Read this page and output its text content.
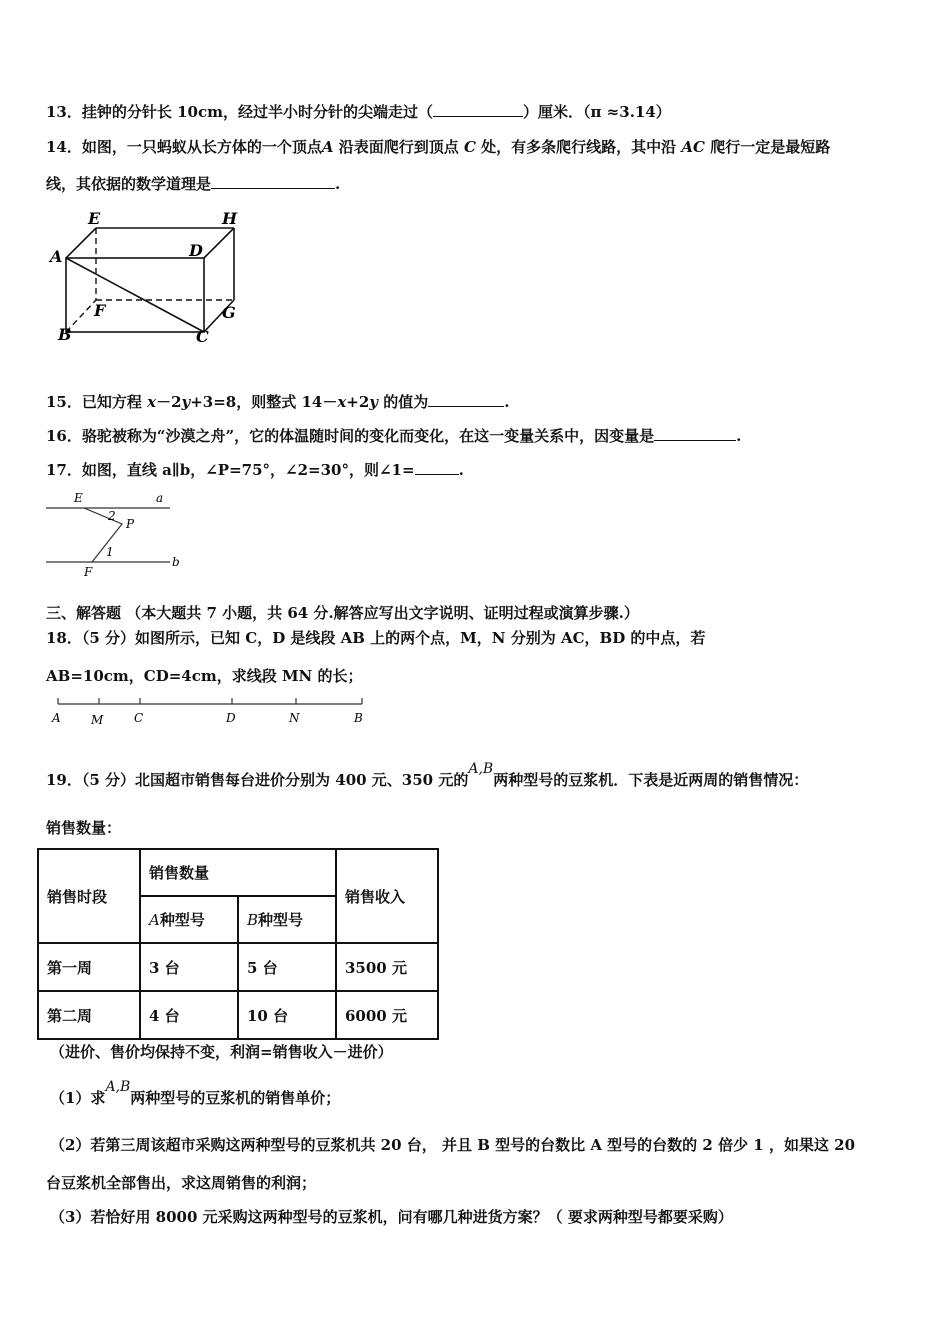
13．挂钟的分针长 10cm，经过半小时分针的尖端走过（	）厘米．（π ≈3.14）
14．如图，一只蚂蚁从长方体的一个顶点A 沿表面爬行到顶点 C 处，有多条爬行线路，其中沿 AC 爬行一定是最短路
线，其依据的数学道理是	.
E	H
A	D
F	G
B	C
15．已知方程 x－2y+3=8，则整式 14－x+2y 的值为	.
16．骆驼被称为“沙漠之舟”，它的体温随时间的变化而变化，在这一变量关系中，因变量是	.
17．如图，直线 a∥b，∠P=75°，∠2=30°，则∠1=	.
E	a
2
P
1
b
F
三、解答题 （本大题共 7 小题，共 64 分.解答应写出文字说明、证明过程或演算步骤.）
18．（5 分）如图所示，已知 C，D 是线段 AB 上的两个点，M，N 分别为 AC，BD 的中点，若
AB=10cm，CD=4cm，求线段 MN 的长；
A	M	C	D	N	B
19．（5 分）北国超市销售每台进价分别为 400 元、350 元的A,B两种型号的豆浆机．下表是近两周的销售情况：
销售数量：
销售时段	销售数量		销售收入
	A种型号	B种型号	
第一周	3 台	5 台	3500 元
第二周	4 台	10 台	6000 元
（进价、售价均保持不变，利润=销售收入－进价）
（1）求A,B两种型号的豆浆机的销售单价；
（2）若第三周该超市采购这两种型号的豆浆机共 20 台， 并且 B 型号的台数比 A 型号的台数的 2 倍少 1 ，如果这 20
台豆浆机全部售出，求这周销售的利润；
（3）若恰好用 8000 元采购这两种型号的豆浆机，问有哪几种进货方案？（ 要求两种型号都要采购）
